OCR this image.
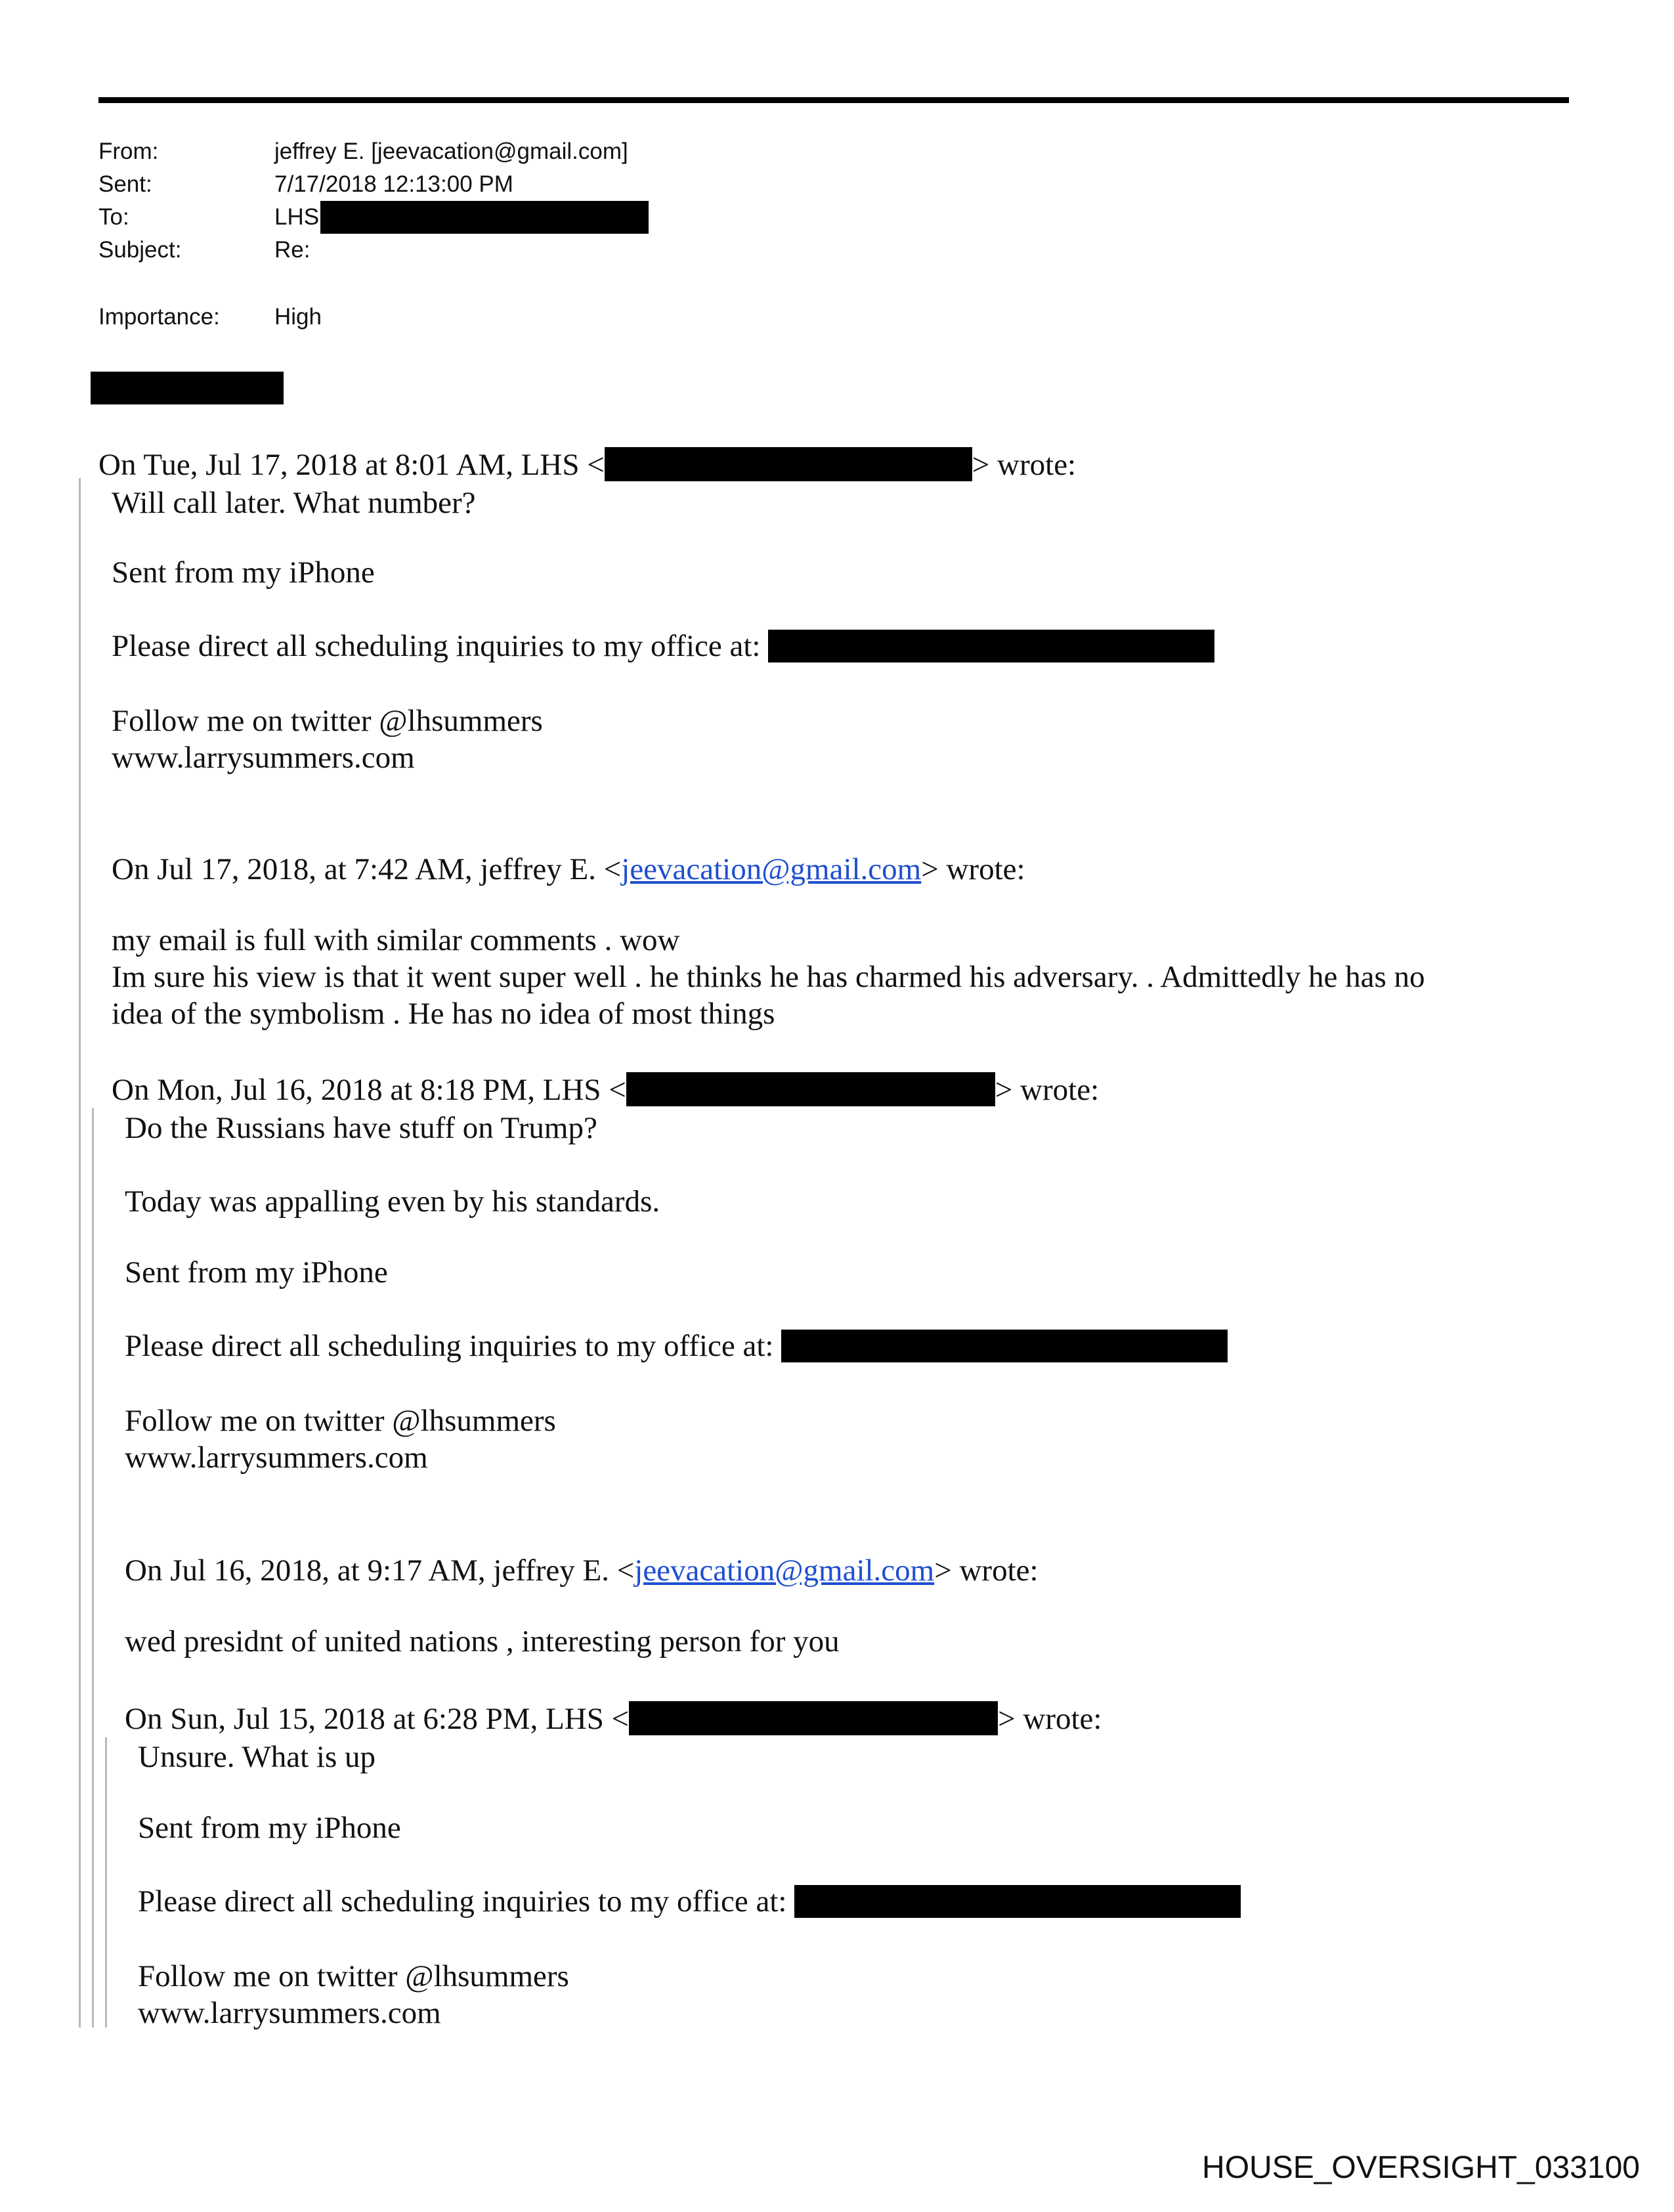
From:	jeffrey E. [jeevacation@gmail.com]
Sent:	7/17/2018 12:13:00 PM
To:	LHS
Subject:	Re:
Importance: High
On Tue, Jul 17, 2018 at 8:01 AM, LHS <	> wrote:
Will call later. What number?
Sent from my iPhone
Please direct all scheduling inquiries to my office at:
Follow me on twitter @lhsummers
www.larrysummers.com
On Jul 17, 2018, at 7:42 AM, jeffrey E. <jeevacation@gmail.com> wrote:
my email is full with similar comments . wow
Im sure his view is that it went super well . he thinks he has charmed his adversary. . Admittedly he has no
idea of the symbolism . He has no idea of most things
On Mon, Jul 16, 2018 at 8:18 PM, LHS <	> wrote:
Do the Russians have stuff on Trump?
Today was appalling even by his standards.
Sent from my iPhone
Please direct all scheduling inquiries to my office at:
Follow me on twitter @lhsummers
www.larrysummers.com
On Jul 16, 2018, at 9:17 AM, jeffrey E. <jeevacation@gmail.com> wrote:
wed presidnt of united nations , interesting person for you
On Sun, Jul 15, 2018 at 6:28 PM, LHS <	> wrote:
Unsure. What is up
Sent from my iPhone
Please direct all scheduling inquiries to my office at:
Follow me on twitter @lhsummers
www.larrysummers.com
HOUSE_OVERSIGHT_033100
